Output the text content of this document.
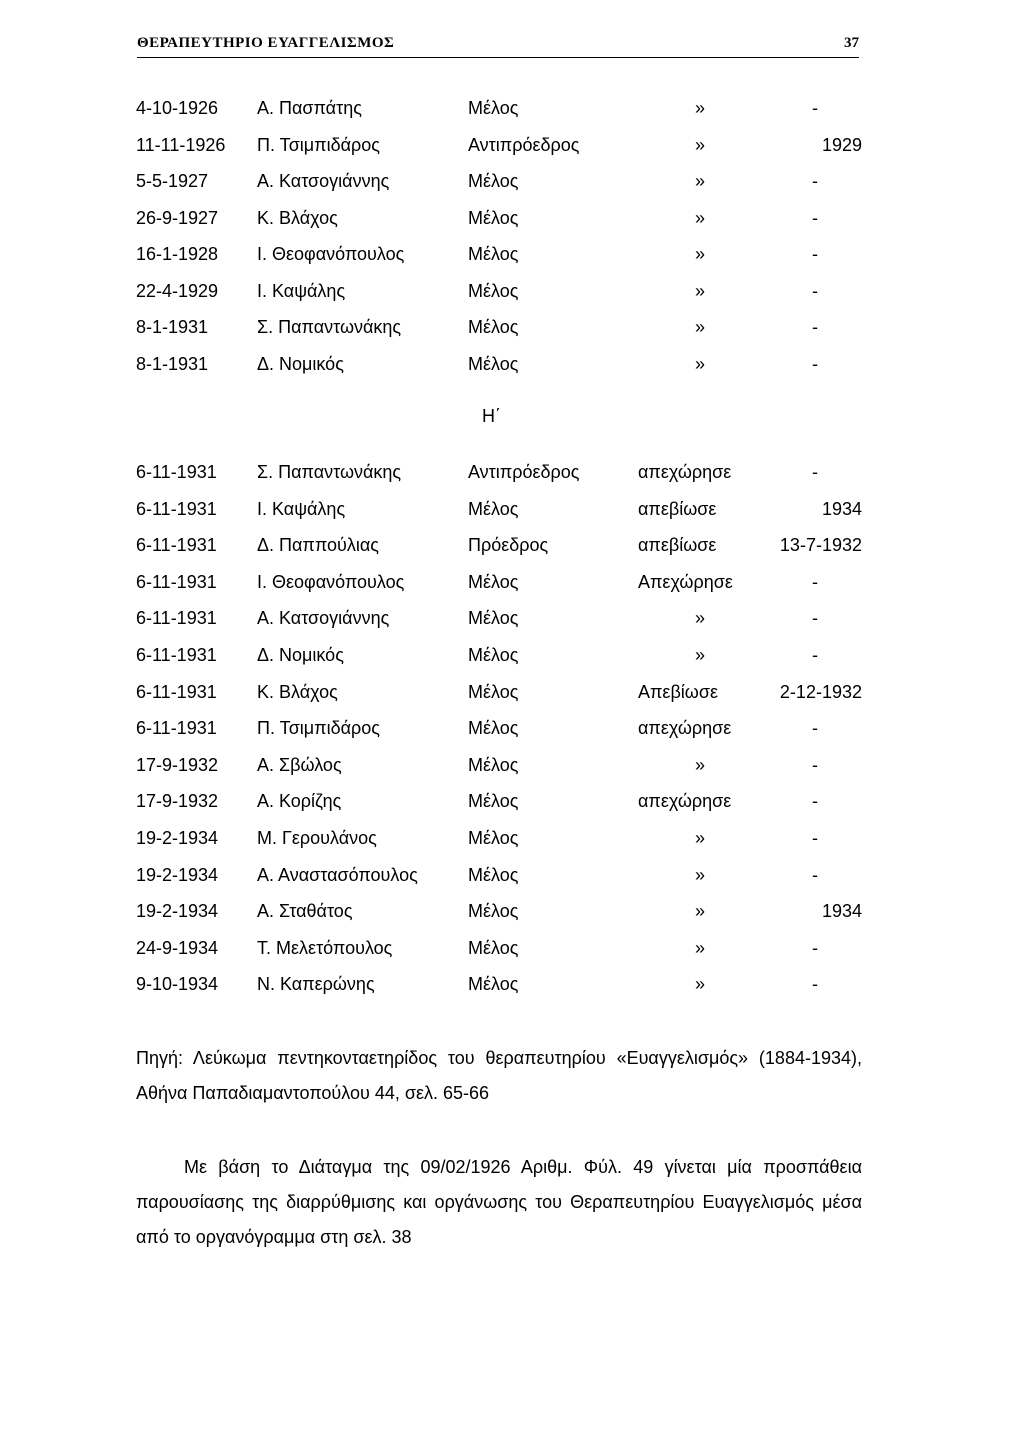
ΘΕΡΑΠΕΥΤΗΡΙΟ ΕΥΑΓΓΕΛΙΣΜΟΣ	37
4-10-1926 Α. Πασπάτης	Μέλος	»	-
11-11-1926 Π. Τσιμπιδάρος	Αντιπρόεδρος	»	1929
5-5-1927	Α. Κατσογιάννης	Μέλος	»	-
26-9-1927 Κ. Βλάχος	Μέλος	»	-
16-1-1928 Ι. Θεοφανόπουλος	Μέλος	»	-
22-4-1929 Ι. Καψάλης	Μέλος	»	-
8-1-1931	Σ. Παπαντωνάκης	Μέλος	»	-
8-1-1931	Δ. Νομικός	Μέλος	»	-
Η΄
6-11-1931 Σ. Παπαντωνάκης	Αντιπρόεδρος	απεχώρησε	-
6-11-1931 Ι. Καψάλης	Μέλος	απεβίωσε	1934
6-11-1931 Δ. Παππούλιας	Πρόεδρος	απεβίωσε	13-7-1932
6-11-1931 Ι. Θεοφανόπουλος	Μέλος	Απεχώρησε	-
6-11-1931 Α. Κατσογιάννης	Μέλος	»	-
6-11-1931 Δ. Νομικός	Μέλος	»	-
6-11-1931 Κ. Βλάχος	Μέλος	Απεβίωσε	2-12-1932
6-11-1931 Π. Τσιμπιδάρος	Μέλος	απεχώρησε	-
17-9-1932 Α. Σβώλος	Μέλος	»	-
17-9-1932 Α. Κορίζης	Μέλος	απεχώρησε	-
19-2-1934 Μ. Γερουλάνος	Μέλος	»	-
19-2-1934 Α. Αναστασόπουλος	Μέλος	»	-
19-2-1934 Α. Σταθάτος	Μέλος	»	1934
24-9-1934 Τ. Μελετόπουλος	Μέλος	»	-
9-10-1934 Ν. Καπερώνης	Μέλος	»	-
Πηγή: Λεύκωμα πεντηκονταετηρίδος του θεραπευτηρίου «Ευαγγελισμός» (1884-1934), Αθήνα Παπαδιαμαντοπούλου 44, σελ. 65-66
Με βάση το Διάταγμα της 09/02/1926 Αριθμ. Φύλ. 49 γίνεται μία προσπάθεια παρουσίασης της διαρρύθμισης και οργάνωσης του Θεραπευτηρίου Ευαγγελισμός μέσα από το οργανόγραμμα στη σελ. 38
